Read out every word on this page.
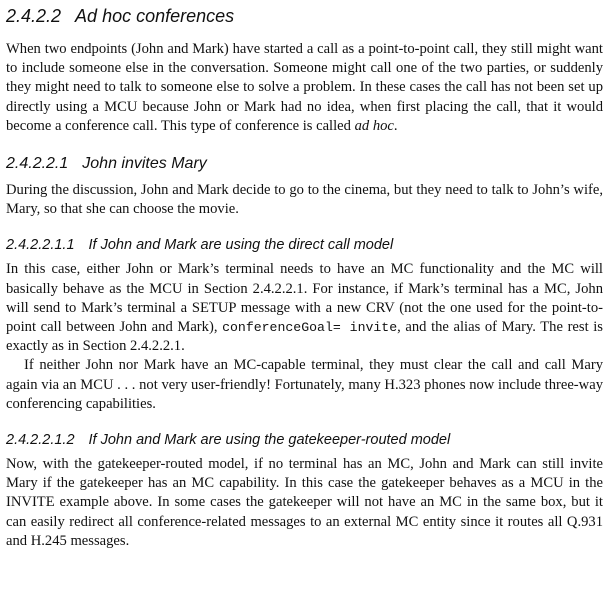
2.4.2.2 Ad hoc conferences

When two endpoints (John and Mark) have started a call as a point-to-point call, they still might want to include someone else in the conversation. Someone might call one of the two parties, or suddenly they might need to talk to someone else to solve a problem. In these cases the call has not been set up directly using a MCU because John or Mark had no idea, when first placing the call, that it would become a conference call. This type of conference is called ad hoc.

2.4.2.2.1 John invites Mary

During the discussion, John and Mark decide to go to the cinema, but they need to talk to John’s wife, Mary, so that she can choose the movie.

2.4.2.2.1.1 If John and Mark are using the direct call model

In this case, either John or Mark’s terminal needs to have an MC functionality and the MC will basically behave as the MCU in Section 2.4.2.2.1. For instance, if Mark’s terminal has a MC, John will send to Mark’s terminal a SETUP message with a new CRV (not the one used for the point-to-point call between John and Mark), conferenceGoal= invite, and the alias of Mary. The rest is exactly as in Section 2.4.2.2.1.

If neither John nor Mark have an MC-capable terminal, they must clear the call and call Mary again via an MCU . . . not very user-friendly! Fortunately, many H.323 phones now include three-way conferencing capabilities.

2.4.2.2.1.2 If John and Mark are using the gatekeeper-routed model

Now, with the gatekeeper-routed model, if no terminal has an MC, John and Mark can still invite Mary if the gatekeeper has an MC capability. In this case the gatekeeper behaves as a MCU in the INVITE example above. In some cases the gatekeeper will not have an MC in the same box, but it can easily redirect all conference-related messages to an external MC entity since it routes all Q.931 and H.245 messages.
